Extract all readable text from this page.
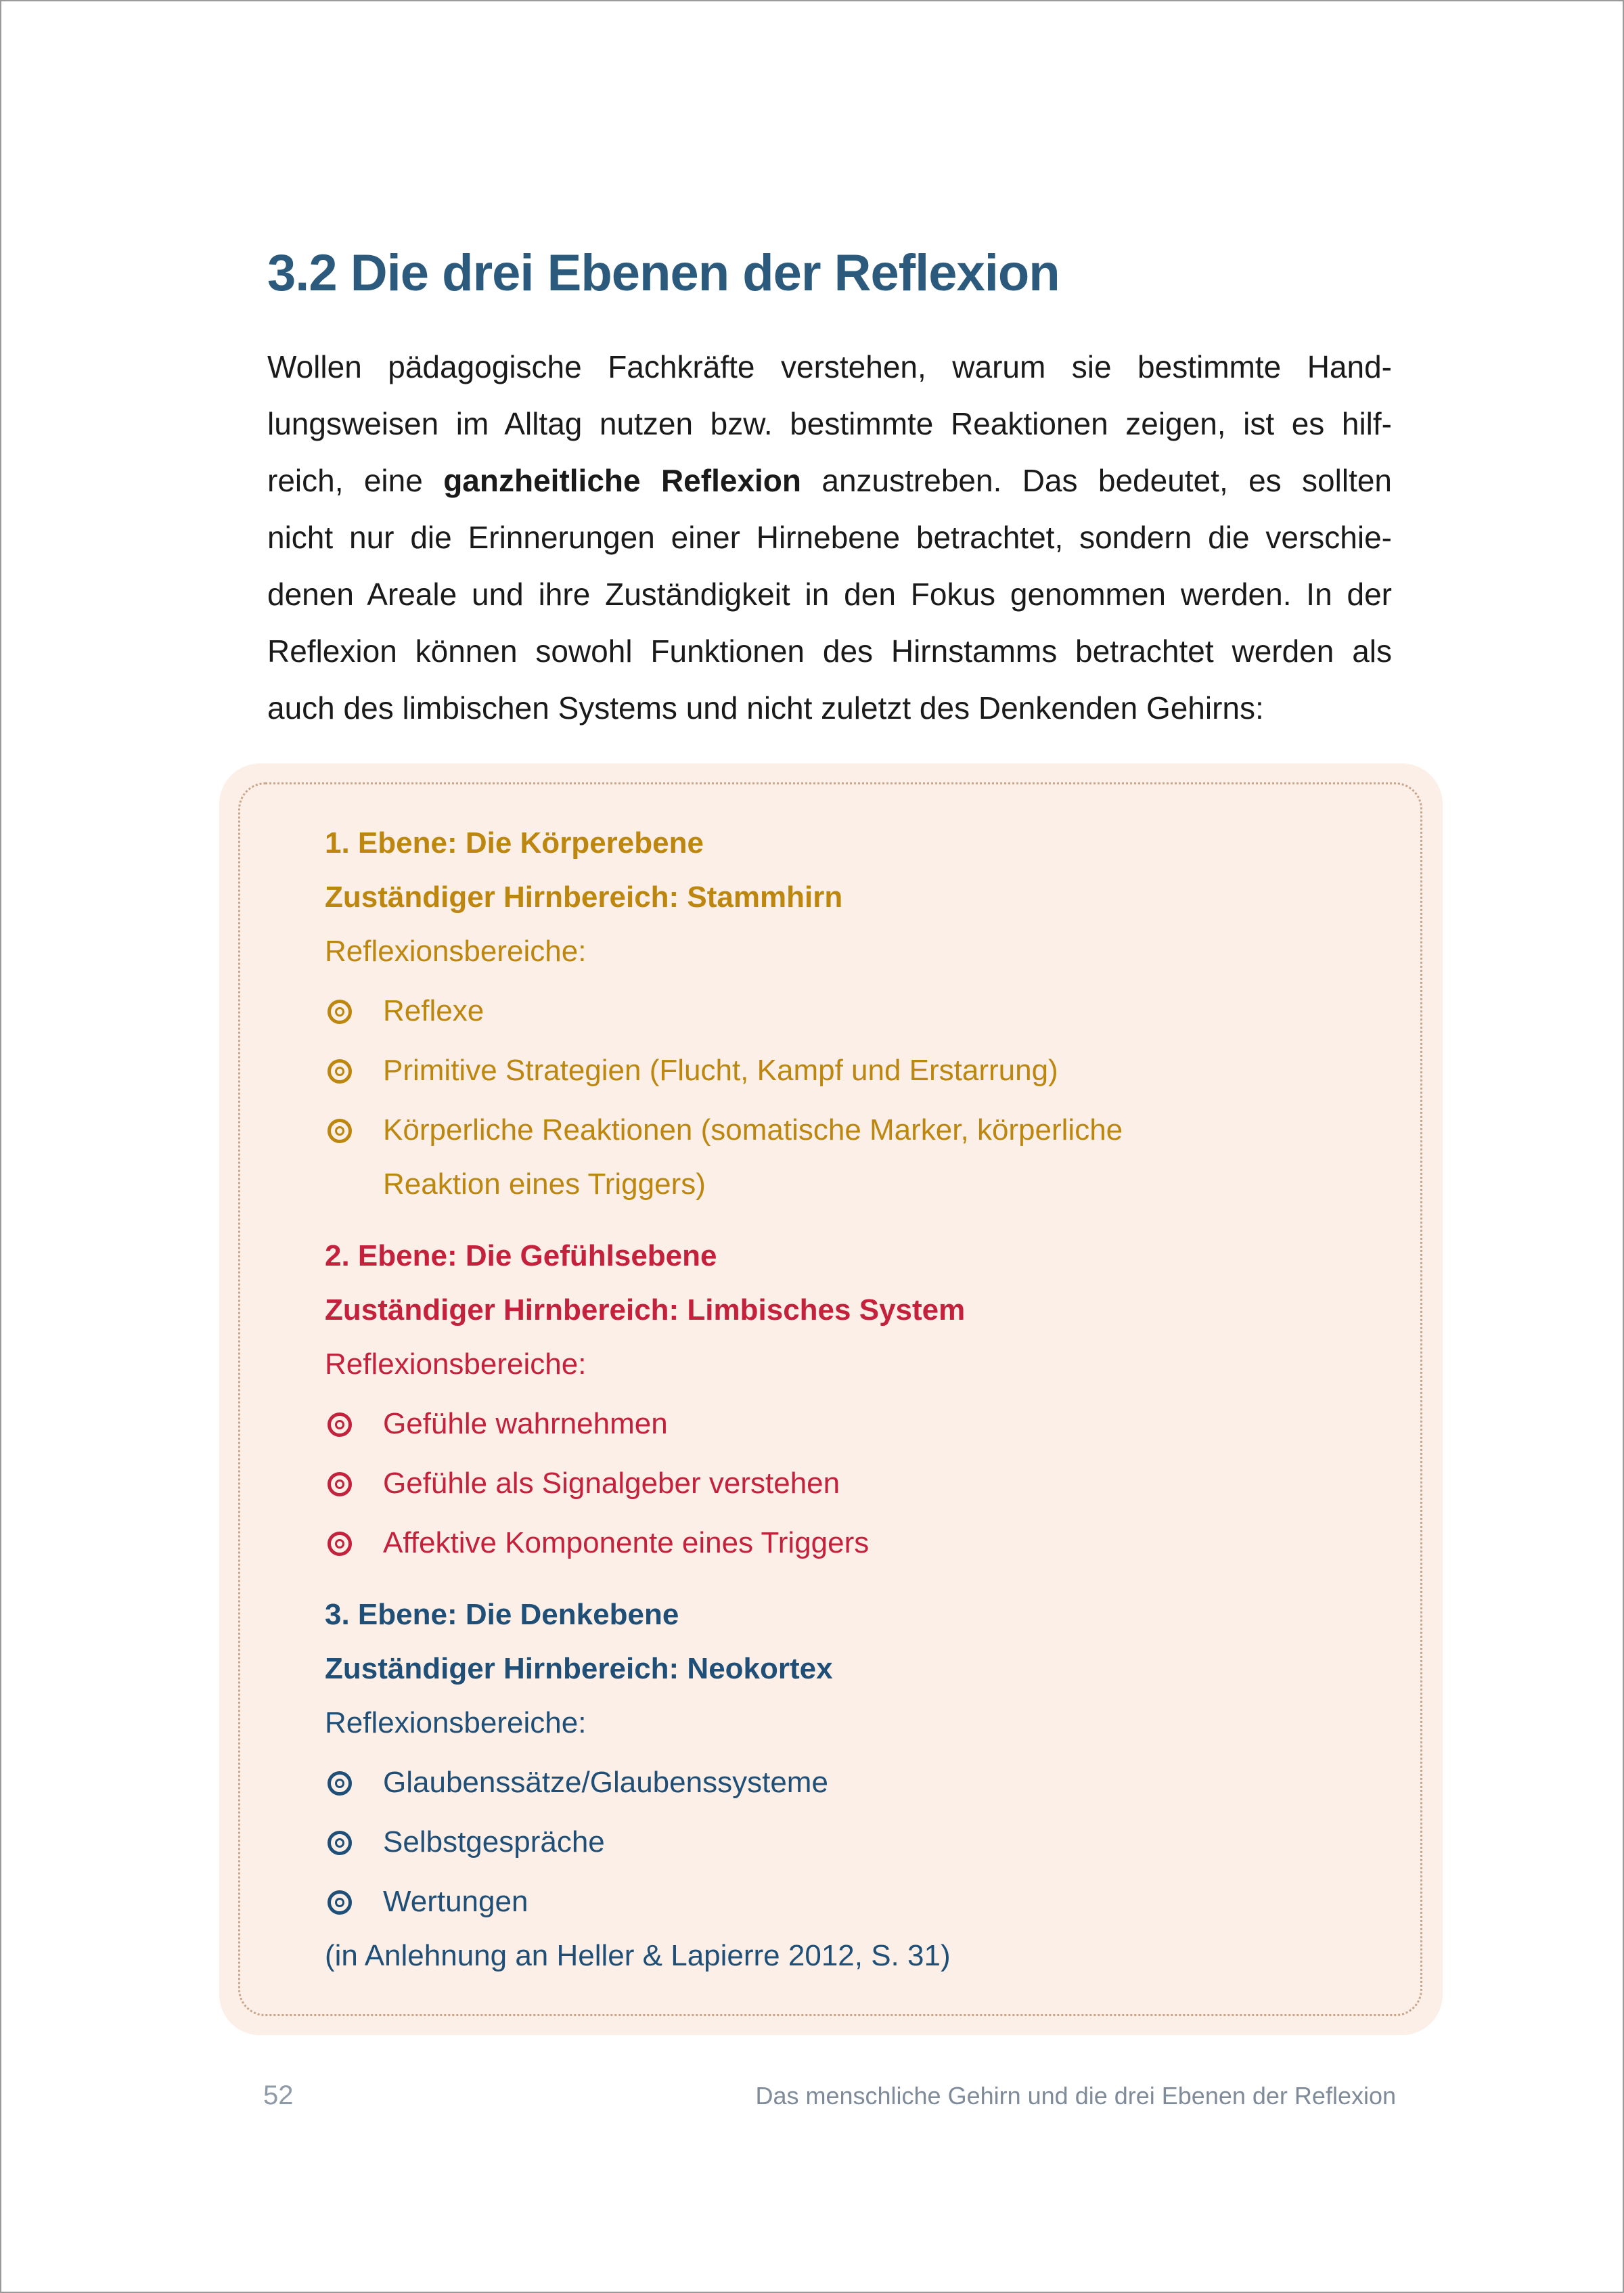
3.2 Die drei Ebenen der Reflexion
Wollen pädagogische Fachkräfte verstehen, warum sie bestimmte Hand-
lungsweisen im Alltag nutzen bzw. bestimmte Reaktionen zeigen, ist es hilf-
reich, eine ganzheitliche Reflexion anzustreben. Das bedeutet, es sollten
nicht nur die Erinnerungen einer Hirnebene betrachtet, sondern die verschie-
denen Areale und ihre Zuständigkeit in den Fokus genommen werden. In der
Reflexion können sowohl Funktionen des Hirnstamms betrachtet werden als
auch des limbischen Systems und nicht zuletzt des Denkenden Gehirns:
1. Ebene: Die Körperebene
Zuständiger Hirnbereich: Stammhirn
Reflexionsbereiche:
Reflexe
Primitive Strategien (Flucht, Kampf und Erstarrung)
Körperliche Reaktionen (somatische Marker, körperliche
Reaktion eines Triggers)
2. Ebene: Die Gefühlsebene
Zuständiger Hirnbereich: Limbisches System
Reflexionsbereiche:
Gefühle wahrnehmen
Gefühle als Signalgeber verstehen
Affektive Komponente eines Triggers
3. Ebene: Die Denkebene
Zuständiger Hirnbereich: Neokortex
Reflexionsbereiche:
Glaubenssätze/Glaubenssysteme
Selbstgespräche
Wertungen
(in Anlehnung an Heller & Lapierre 2012, S. 31)
52	Das menschliche Gehirn und die drei Ebenen der Reflexion
